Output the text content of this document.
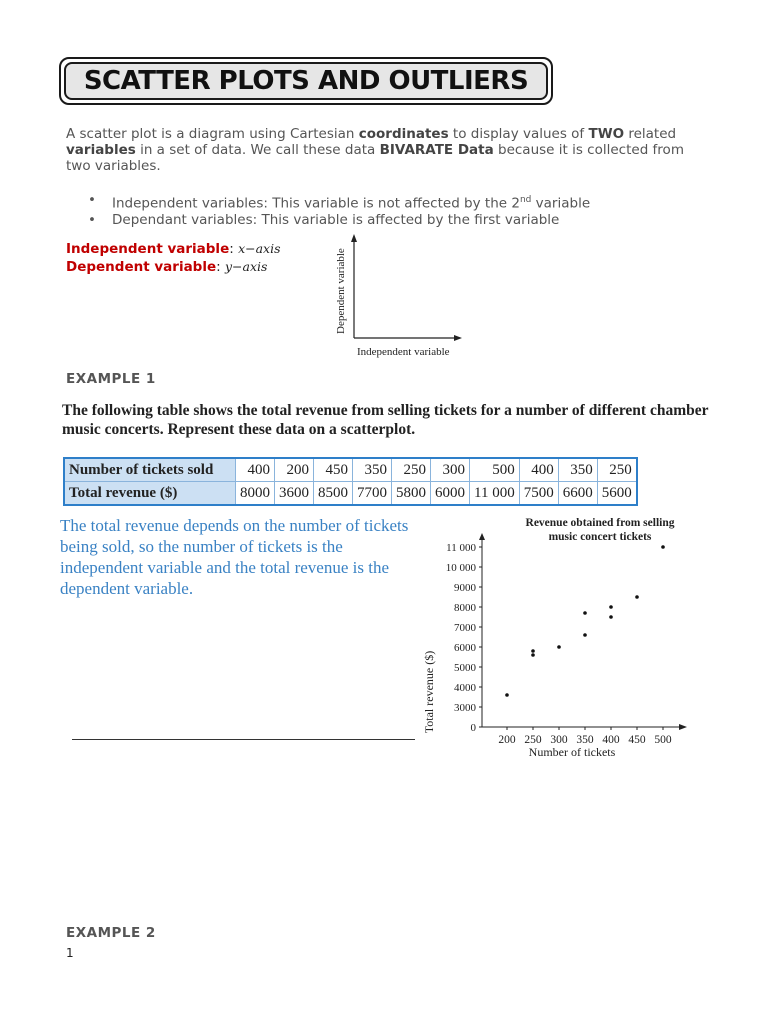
SCATTER PLOTS AND OUTLIERS
A scatter plot is a diagram using Cartesian coordinates to display values of TWO related variables in a set of data. We call these data BIVARATE Data because it is collected from two variables.
•	Independent variables: This variable is not affected by the 2nd variable
•	Dependant variables: This variable is affected by the first variable
Independent variable: x−axis
Dependent variable: y−axis
Independent variable
Dependent variable
EXAMPLE 1
The following table shows the total revenue from selling tickets for a number of different chamber music concerts. Represent these data on a scatterplot.
Number of tickets sold	400	200	450	350	250	300	500	400	350	250
Total revenue ($)	8000	3600	8500	7700	5800	6000	11 000	7500	6600	5600
The total revenue depends on the number of tickets being sold, so the number of tickets is the independent variable and the total revenue is the dependent variable.
Revenue obtained from selling
music concert tickets
0
3000
4000
5000
6000
7000
8000
9000
10 000
11 000
200 250 300 350 400 450 500
Number of tickets
Total revenue ($)
EXAMPLE 2
1
